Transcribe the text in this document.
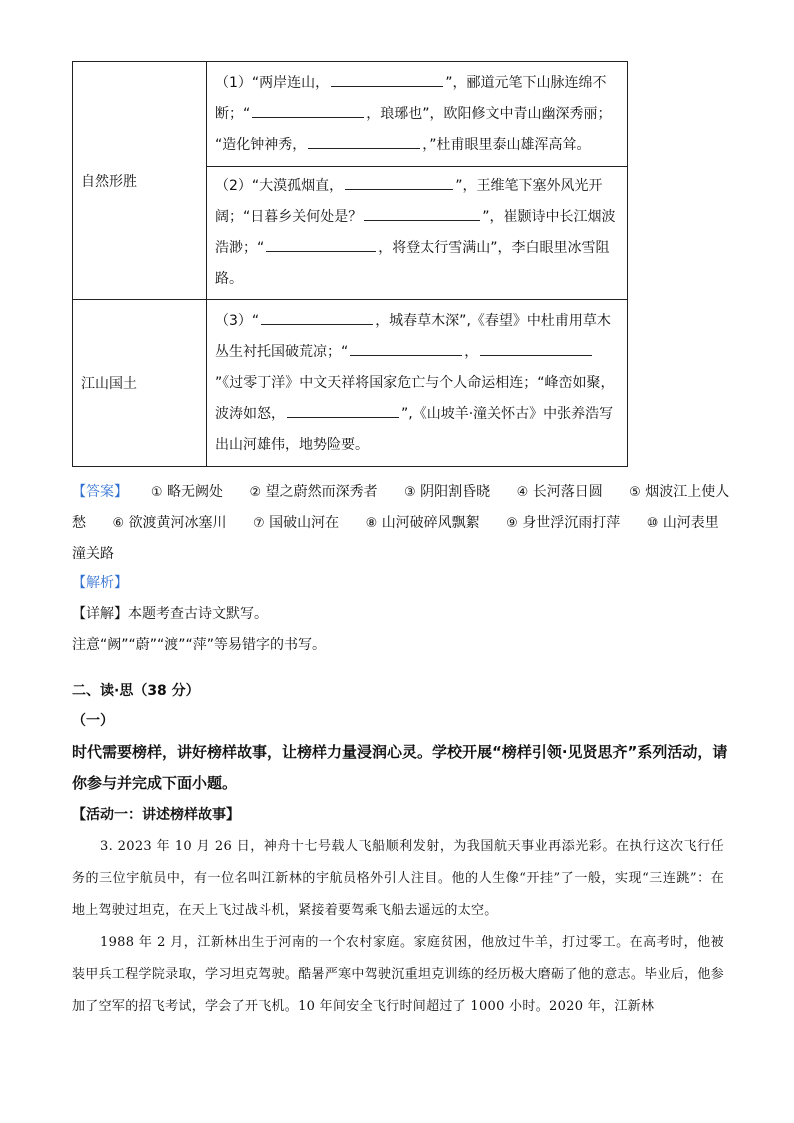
自然形胜	（1）“两岸连山， ”，郦道元笔下山脉连绵不断；“ ，琅琊也”，欧阳修文中青山幽深秀丽；
“造化钟神秀， ，”杜甫眼里泰山雄浑高耸。
	（2）“大漠孤烟直， ”，王维笔下塞外风光开阔；“日暮乡关何处是？ ”，崔颢诗中长江烟波浩渺；“ ，将登太行雪满山”，李白眼里冰雪阻路。
江山国土	（3）“ ，城春草木深”,《春望》中杜甫用草木丛生衬托国破荒凉；“ ，”《过零丁洋》中文天祥将国家危亡与个人命运相连；“峰峦如聚，波涛如怒， ”,《山坡羊·潼关怀古》中张养浩写出山河雄伟，地势险要。
【答案】 ① 略无阙处 ② 望之蔚然而深秀者 ③ 阴阳割昏晓 ④ 长河落日圆 ⑤ 烟波江上使人愁 ⑥ 欲渡黄河冰塞川 ⑦ 国破山河在 ⑧ 山河破碎风飘絮 ⑨ 身世浮沉雨打萍 ⑩ 山河表里潼关路
【解析】
【详解】本题考查古诗文默写。
注意“阙”“蔚”“渡”“萍”等易错字的书写。
二、读·思（38 分）
（一）
时代需要榜样，讲好榜样故事，让榜样力量浸润心灵。学校开展“榜样引领·见贤思齐”系列活动，请你参与并完成下面小题。
【活动一：讲述榜样故事】
3. 2023 年 10 月 26 日，神舟十七号载人飞船顺利发射，为我国航天事业再添光彩。在执行这次飞行任务的三位宇航员中，有一位名叫江新林的宇航员格外引人注目。他的人生像“开挂”了一般，实现“三连跳”：在地上驾驶过坦克，在天上飞过战斗机，紧接着要驾乘飞船去遥远的太空。
1988 年 2 月，江新林出生于河南的一个农村家庭。家庭贫困，他放过牛羊，打过零工。在高考时，他被装甲兵工程学院录取，学习坦克驾驶。酷暑严寒中驾驶沉重坦克训练的经历极大磨砺了他的意志。毕业后，他参加了空军的招飞考试，学会了开飞机。10 年间安全飞行时间超过了 1000 小时。2020 年，江新林
